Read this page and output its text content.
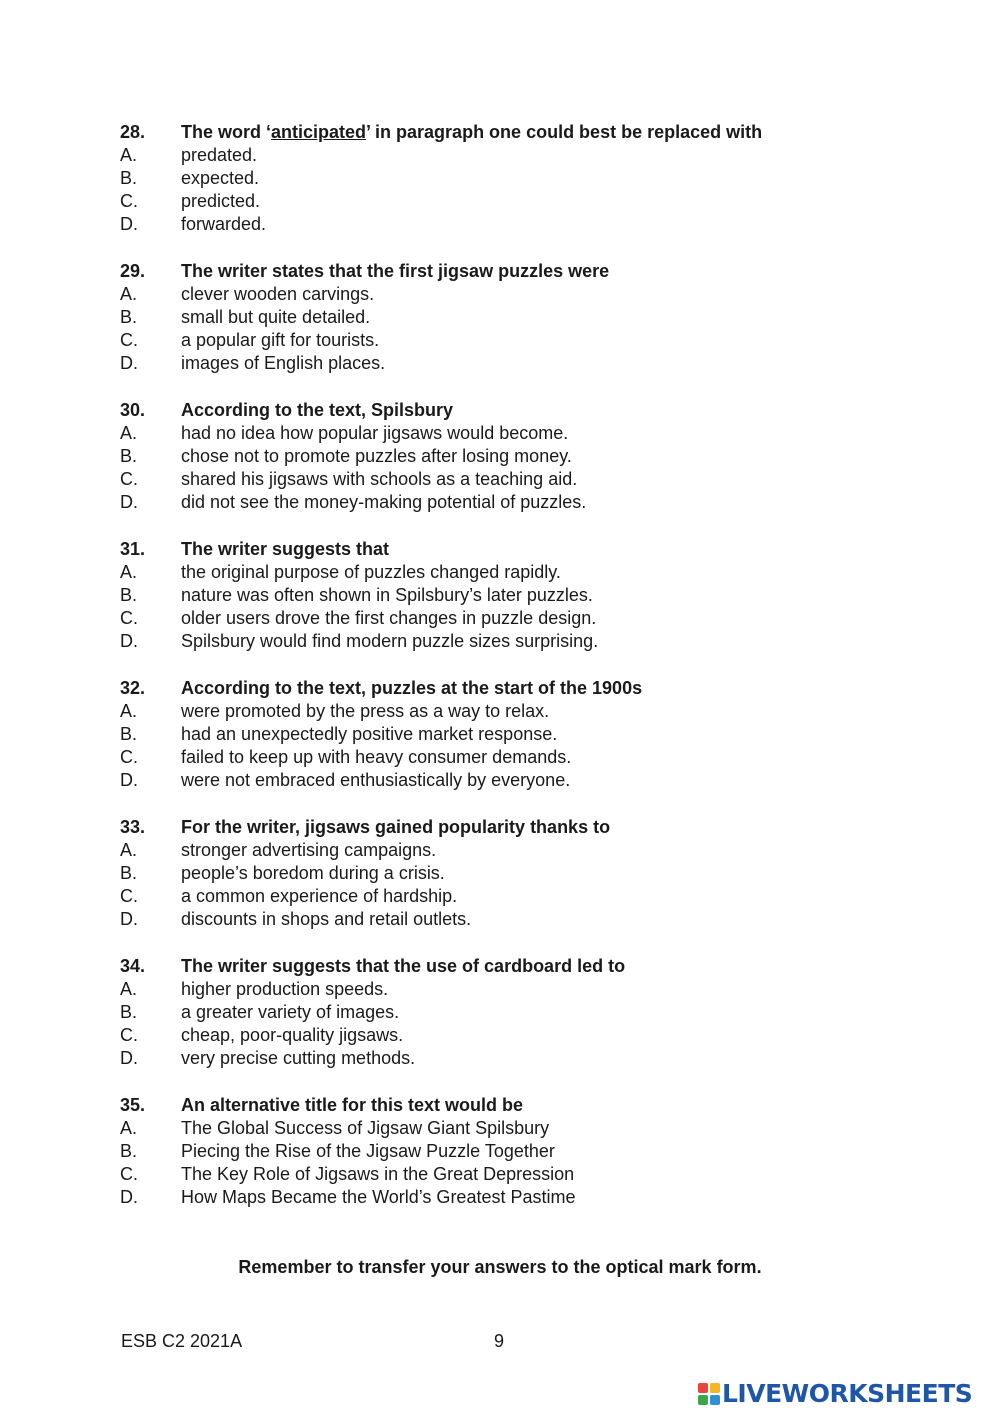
28.	The word ‘anticipated’ in paragraph one could best be replaced with
A.	predated.
B.	expected.
C.	predicted.
D.	forwarded.
29.	The writer states that the first jigsaw puzzles were
A.	clever wooden carvings.
B.	small but quite detailed.
C.	a popular gift for tourists.
D.	images of English places.
30.	According to the text, Spilsbury
A.	had no idea how popular jigsaws would become.
B.	chose not to promote puzzles after losing money.
C.	shared his jigsaws with schools as a teaching aid.
D.	did not see the money-making potential of puzzles.
31.	The writer suggests that
A.	the original purpose of puzzles changed rapidly.
B.	nature was often shown in Spilsbury’s later puzzles.
C.	older users drove the first changes in puzzle design.
D.	Spilsbury would find modern puzzle sizes surprising.
32.	According to the text, puzzles at the start of the 1900s
A.	were promoted by the press as a way to relax.
B.	had an unexpectedly positive market response.
C.	failed to keep up with heavy consumer demands.
D.	were not embraced enthusiastically by everyone.
33.	For the writer, jigsaws gained popularity thanks to
A.	stronger advertising campaigns.
B.	people’s boredom during a crisis.
C.	a common experience of hardship.
D.	discounts in shops and retail outlets.
34.	The writer suggests that the use of cardboard led to
A.	higher production speeds.
B.	a greater variety of images.
C.	cheap, poor-quality jigsaws.
D.	very precise cutting methods.
35.	An alternative title for this text would be
A.	The Global Success of Jigsaw Giant Spilsbury
B.	Piecing the Rise of the Jigsaw Puzzle Together
C.	The Key Role of Jigsaws in the Great Depression
D.	How Maps Became the World’s Greatest Pastime
Remember to transfer your answers to the optical mark form.
ESB C2 2021A	9
LIVEWORKSHEETS
